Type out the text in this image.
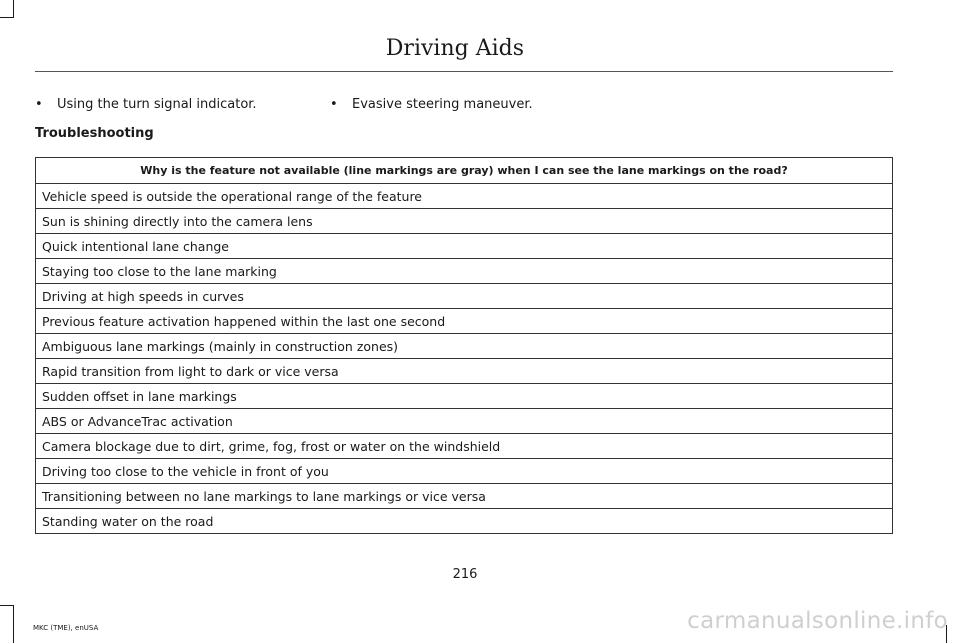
Driving Aids
• Using the turn signal indicator.	• Evasive steering maneuver.
Troubleshooting
Why is the feature not available (line markings are gray) when I can see the lane markings on the road?
Vehicle speed is outside the operational range of the feature
Sun is shining directly into the camera lens
Quick intentional lane change
Staying too close to the lane marking
Driving at high speeds in curves
Previous feature activation happened within the last one second
Ambiguous lane markings (mainly in construction zones)
Rapid transition from light to dark or vice versa
Sudden offset in lane markings
ABS or AdvanceTrac activation
Camera blockage due to dirt, grime, fog, frost or water on the windshield
Driving too close to the vehicle in front of you
Transitioning between no lane markings to lane markings or vice versa
Standing water on the road
216
MKC (TME), enUSA	carmanualsonline.info
